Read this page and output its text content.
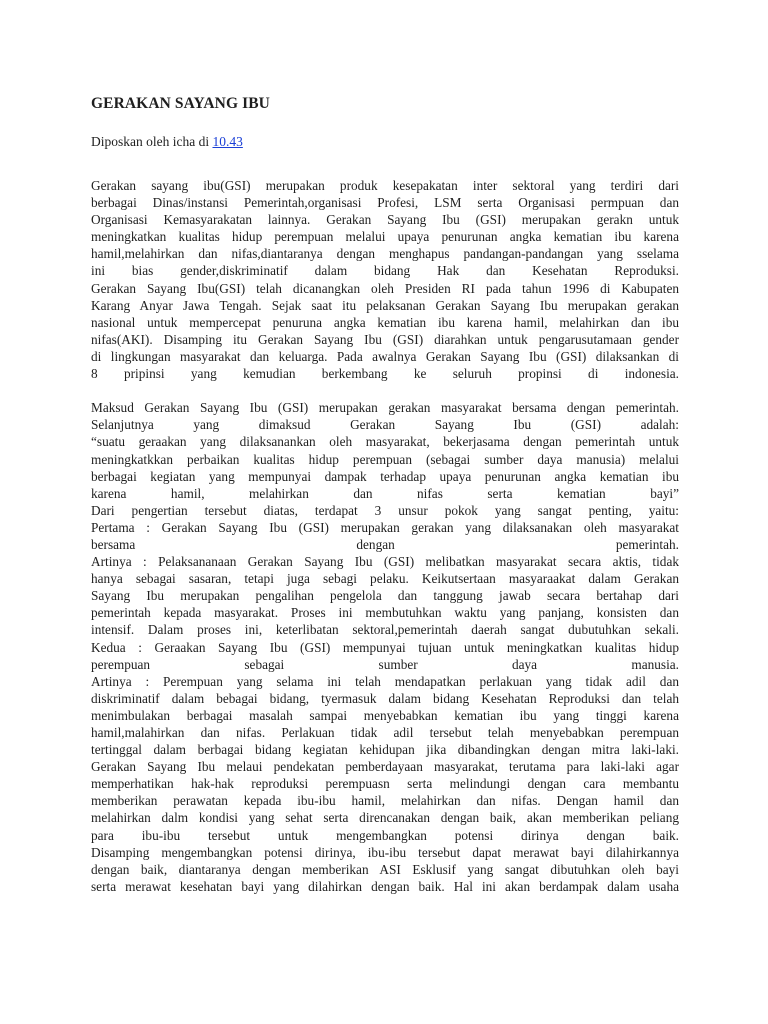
GERAKAN SAYANG IBU

Diposkan oleh icha di 10.43

Gerakan sayang ibu(GSI) merupakan produk kesepakatan inter sektoral yang terdiri dari
berbagai Dinas/instansi Pemerintah,organisasi Profesi, LSM serta Organisasi permpuan dan
Organisasi Kemasyarakatan lainnya. Gerakan Sayang Ibu (GSI) merupakan gerakn untuk
meningkatkan kualitas hidup perempuan melalui upaya penurunan angka kematian ibu karena
hamil,melahirkan dan nifas,diantaranya dengan menghapus pandangan-pandangan yang sselama
ini bias gender,diskriminatif dalam bidang Hak dan Kesehatan Reproduksi.
Gerakan Sayang Ibu(GSI) telah dicanangkan oleh Presiden RI pada tahun 1996 di Kabupaten
Karang Anyar Jawa Tengah. Sejak saat itu pelaksanan Gerakan Sayang Ibu merupakan gerakan
nasional untuk mempercepat penuruna angka kematian ibu karena hamil, melahirkan dan ibu
nifas(AKI). Disamping itu Gerakan Sayang Ibu (GSI) diarahkan untuk pengarusutamaan gender
di lingkungan masyarakat dan keluarga. Pada awalnya Gerakan Sayang Ibu (GSI) dilaksankan di
8 pripinsi yang kemudian berkembang ke seluruh propinsi di indonesia.
Maksud Gerakan Sayang Ibu (GSI) merupakan gerakan masyarakat bersama dengan pemerintah.
Selanjutnya yang dimaksud Gerakan Sayang Ibu (GSI) adalah:
“suatu geraakan yang dilaksanankan oleh masyarakat, bekerjasama dengan pemerintah untuk
meningkatkkan perbaikan kualitas hidup perempuan (sebagai sumber daya manusia) melalui
berbagai kegiatan yang mempunyai dampak terhadap upaya penurunan angka kematian ibu
karena hamil, melahirkan dan nifas serta kematian bayi”
Dari pengertian tersebut diatas, terdapat 3 unsur pokok yang sangat penting, yaitu:
Pertama : Gerakan Sayang Ibu (GSI) merupakan gerakan yang dilaksanakan oleh masyarakat
bersama dengan pemerintah.
Artinya : Pelaksananaan Gerakan Sayang Ibu (GSI) melibatkan masyarakat secara aktis, tidak
hanya sebagai sasaran, tetapi juga sebagi pelaku. Keikutsertaan masyaraakat dalam Gerakan
Sayang Ibu merupakan pengalihan pengelola dan tanggung jawab secara bertahap dari
pemerintah kepada masyarakat. Proses ini membutuhkan waktu yang panjang, konsisten dan
intensif. Dalam proses ini, keterlibatan sektoral,pemerintah daerah sangat dubutuhkan sekali.
Kedua : Geraakan Sayang Ibu (GSI) mempunyai tujuan untuk meningkatkan kualitas hidup
perempuan sebagai sumber daya manusia.
Artinya : Perempuan yang selama ini telah mendapatkan perlakuan yang tidak adil dan
diskriminatif dalam bebagai bidang, tyermasuk dalam bidang Kesehatan Reproduksi dan telah
menimbulakan berbagai masalah sampai menyebabkan kematian ibu yang tinggi karena
hamil,malahirkan dan nifas. Perlakuan tidak adil tersebut telah menyebabkan perempuan
tertinggal dalam berbagai bidang kegiatan kehidupan jika dibandingkan dengan mitra laki-laki.
Gerakan Sayang Ibu melaui pendekatan pemberdayaan masyarakat, terutama para laki-laki agar
memperhatikan hak-hak reproduksi perempuasn serta melindungi dengan cara membantu
memberikan perawatan kepada ibu-ibu hamil, melahirkan dan nifas. Dengan hamil dan
melahirkan dalm kondisi yang sehat serta direncanakan dengan baik, akan memberikan peliang
para ibu-ibu tersebut untuk mengembangkan potensi dirinya dengan baik.
Disamping mengembangkan potensi dirinya, ibu-ibu tersebut dapat merawat bayi dilahirkannya
dengan baik, diantaranya dengan memberikan ASI Esklusif yang sangat dibutuhkan oleh bayi
serta merawat kesehatan bayi yang dilahirkan dengan baik. Hal ini akan berdampak dalam usaha
